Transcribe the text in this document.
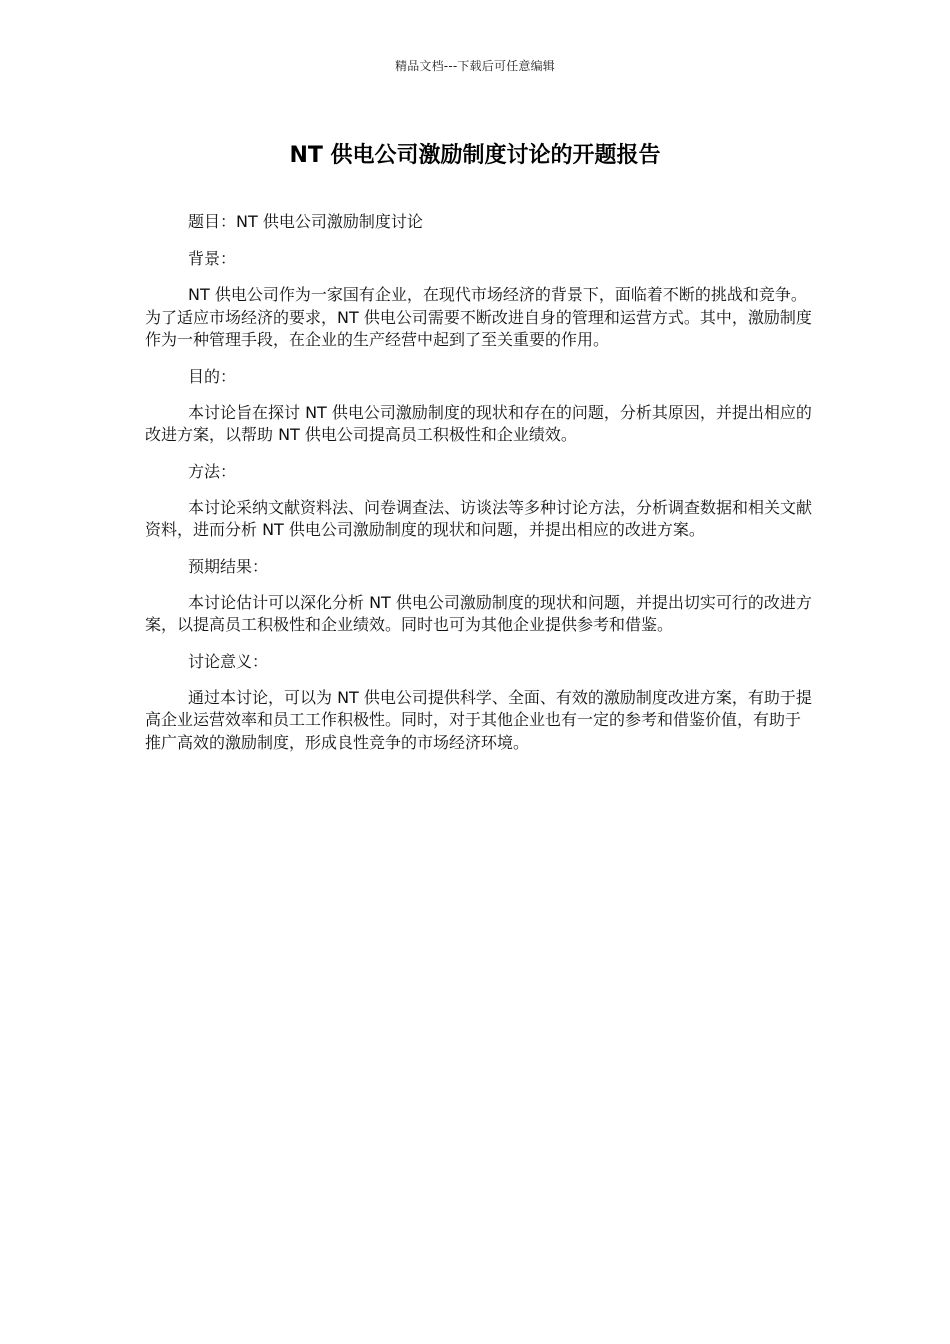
精品文档---下载后可任意编辑
NT 供电公司激励制度讨论的开题报告

题目：NT 供电公司激励制度讨论

背景：

NT 供电公司作为一家国有企业，在现代市场经济的背景下，面临着不断的挑战和竞争。为了适应市场经济的要求，NT 供电公司需要不断改进自身的管理和运营方式。其中，激励制度作为一种管理手段，在企业的生产经营中起到了至关重要的作用。

目的：

本讨论旨在探讨 NT 供电公司激励制度的现状和存在的问题，分析其原因，并提出相应的改进方案，以帮助 NT 供电公司提高员工积极性和企业绩效。

方法：

本讨论采纳文献资料法、问卷调查法、访谈法等多种讨论方法，分析调查数据和相关文献资料，进而分析 NT 供电公司激励制度的现状和问题，并提出相应的改进方案。

预期结果：

本讨论估计可以深化分析 NT 供电公司激励制度的现状和问题，并提出切实可行的改进方案，以提高员工积极性和企业绩效。同时也可为其他企业提供参考和借鉴。

讨论意义：

通过本讨论，可以为 NT 供电公司提供科学、全面、有效的激励制度改进方案，有助于提高企业运营效率和员工工作积极性。同时，对于其他企业也有一定的参考和借鉴价值，有助于推广高效的激励制度，形成良性竞争的市场经济环境。
